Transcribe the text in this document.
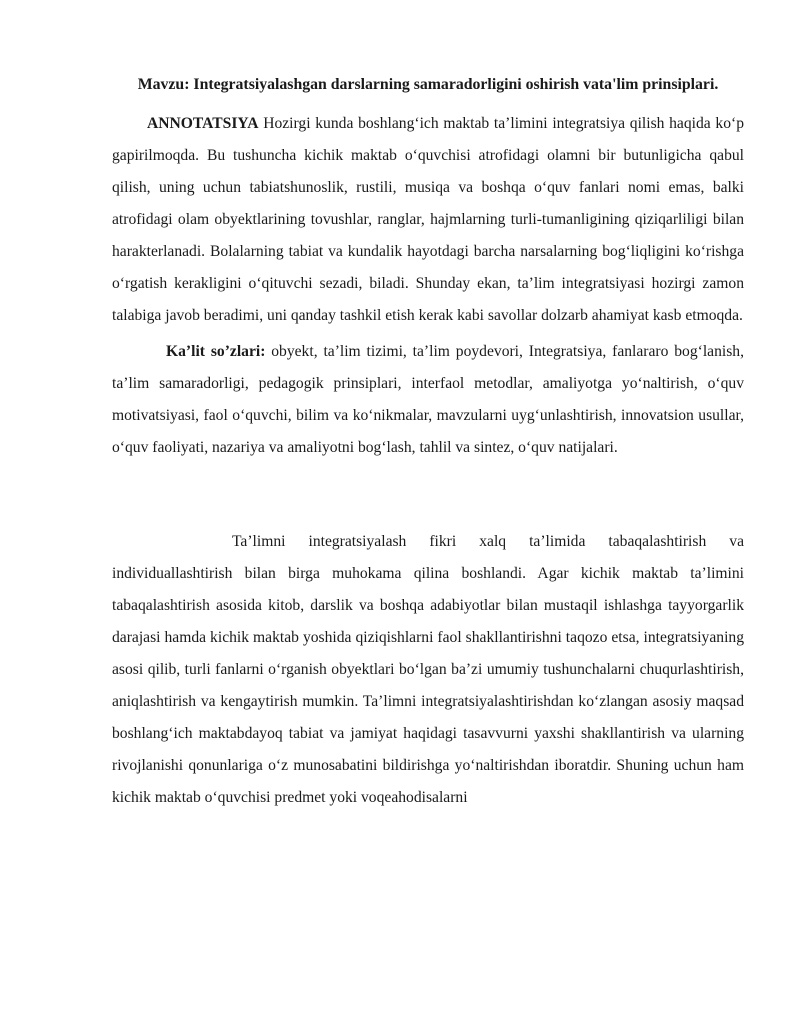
Mavzu: Integratsiyalashgan darslarning samaradorligini oshirish vata'lim prinsiplari.

ANNOTATSIYA Hozirgi kunda boshlang‘ich maktab ta’limini integratsiya qilish haqida ko‘p gapirilmoqda. Bu tushuncha kichik maktab o‘quvchisi atrofidagi olamni bir butunligicha qabul qilish, uning uchun tabiatshunoslik, rustili, musiqa va boshqa o‘quv fanlari nomi emas, balki atrofidagi olam obyektlarining tovushlar, ranglar, hajmlarning turli-tumanligining qiziqarliligi bilan harakterlanadi. Bolalarning tabiat va kundalik hayotdagi barcha narsalarning bog‘liqligini ko‘rishga o‘rgatish kerakligini o‘qituvchi sezadi, biladi. Shunday ekan, ta’lim integratsiyasi hozirgi zamon talabiga javob beradimi, uni qanday tashkil etish kerak kabi savollar dolzarb ahamiyat kasb etmoqda.

Ka’lit so’zlari: obyekt, ta’lim tizimi, ta’lim poydevori, Integratsiya, fanlararo bog‘lanish, ta’lim samaradorligi, pedagogik prinsiplari, interfaol metodlar, amaliyotga yo‘naltirish, o‘quv motivatsiyasi, faol o‘quvchi, bilim va ko‘nikmalar, mavzularni uyg‘unlashtirish, innovatsion usullar, o‘quv faoliyati, nazariya va amaliyotni bog‘lash, tahlil va sintez, o‘quv natijalari.

Ta’limni integratsiyalash fikri xalq ta’limida tabaqalashtirish va individuallashtirish bilan birga muhokama qilina boshlandi. Agar kichik maktab ta’limini tabaqalashtirish asosida kitob, darslik va boshqa adabiyotlar bilan mustaqil ishlashga tayyorgarlik darajasi hamda kichik maktab yoshida qiziqishlarni faol shakllantirishni taqozo etsa, integratsiyaning asosi qilib, turli fanlarni o‘rganish obyektlari bo‘lgan ba’zi umumiy tushunchalarni chuqurlashtirish, aniqlashtirish va kengaytirish mumkin. Ta’limni integratsiyalashtirishdan ko‘zlangan asosiy maqsad boshlang‘ich maktabdayoq tabiat va jamiyat haqidagi tasavvurni yaxshi shakllantirish va ularning rivojlanishi qonunlariga o‘z munosabatini bildirishga yo‘naltirishdan iboratdir. Shuning uchun ham kichik maktab o‘quvchisi predmet yoki voqeahodisalarni
